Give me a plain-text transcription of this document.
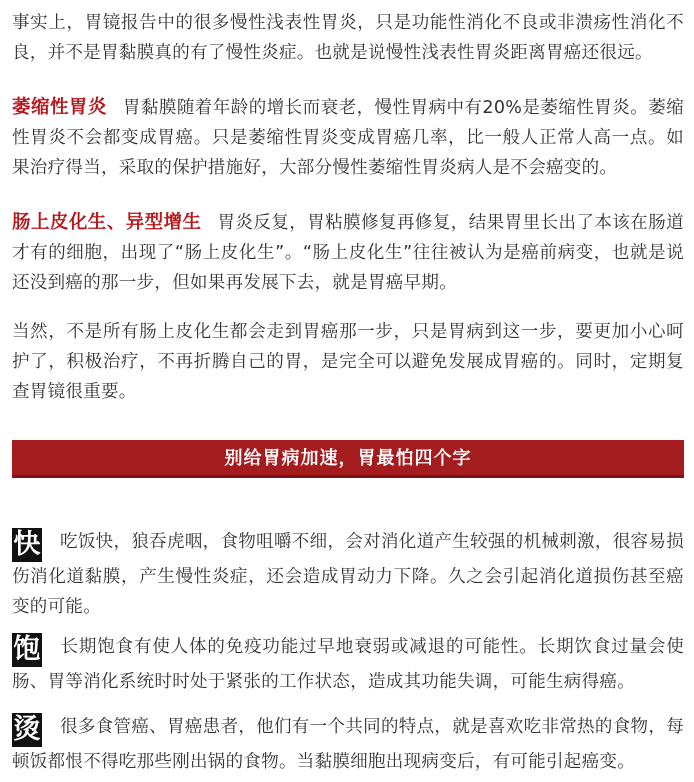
事实上，胃镜报告中的很多慢性浅表性胃炎，只是功能性消化不良或非溃疡性消化不良，并不是胃黏膜真的有了慢性炎症。也就是说慢性浅表性胃炎距离胃癌还很远。

萎缩性胃炎 胃黏膜随着年龄的增长而衰老，慢性胃病中有20%是萎缩性胃炎。萎缩性胃炎不会都变成胃癌。只是萎缩性胃炎变成胃癌几率，比一般人正常人高一点。如果治疗得当，采取的保护措施好，大部分慢性萎缩性胃炎病人是不会癌变的。

肠上皮化生、异型增生 胃炎反复，胃粘膜修复再修复，结果胃里长出了本该在肠道才有的细胞，出现了“肠上皮化生”。“肠上皮化生”往往被认为是癌前病变，也就是说还没到癌的那一步，但如果再发展下去，就是胃癌早期。

当然，不是所有肠上皮化生都会走到胃癌那一步，只是胃病到这一步，要更加小心呵护了，积极治疗，不再折腾自己的胃，是完全可以避免发展成胃癌的。同时，定期复查胃镜很重要。

别给胃病加速，胃最怕四个字

快 吃饭快，狼吞虎咽，食物咀嚼不细，会对消化道产生较强的机械刺激，很容易损伤消化道黏膜，产生慢性炎症，还会造成胃动力下降。久之会引起消化道损伤甚至癌变的可能。

饱 长期饱食有使人体的免疫功能过早地衰弱或减退的可能性。长期饮食过量会使肠、胃等消化系统时时处于紧张的工作状态，造成其功能失调，可能生病得癌。

烫 很多食管癌、胃癌患者，他们有一个共同的特点，就是喜欢吃非常热的食物，每顿饭都恨不得吃那些刚出锅的食物。当黏膜细胞出现病变后，有可能引起癌变。
